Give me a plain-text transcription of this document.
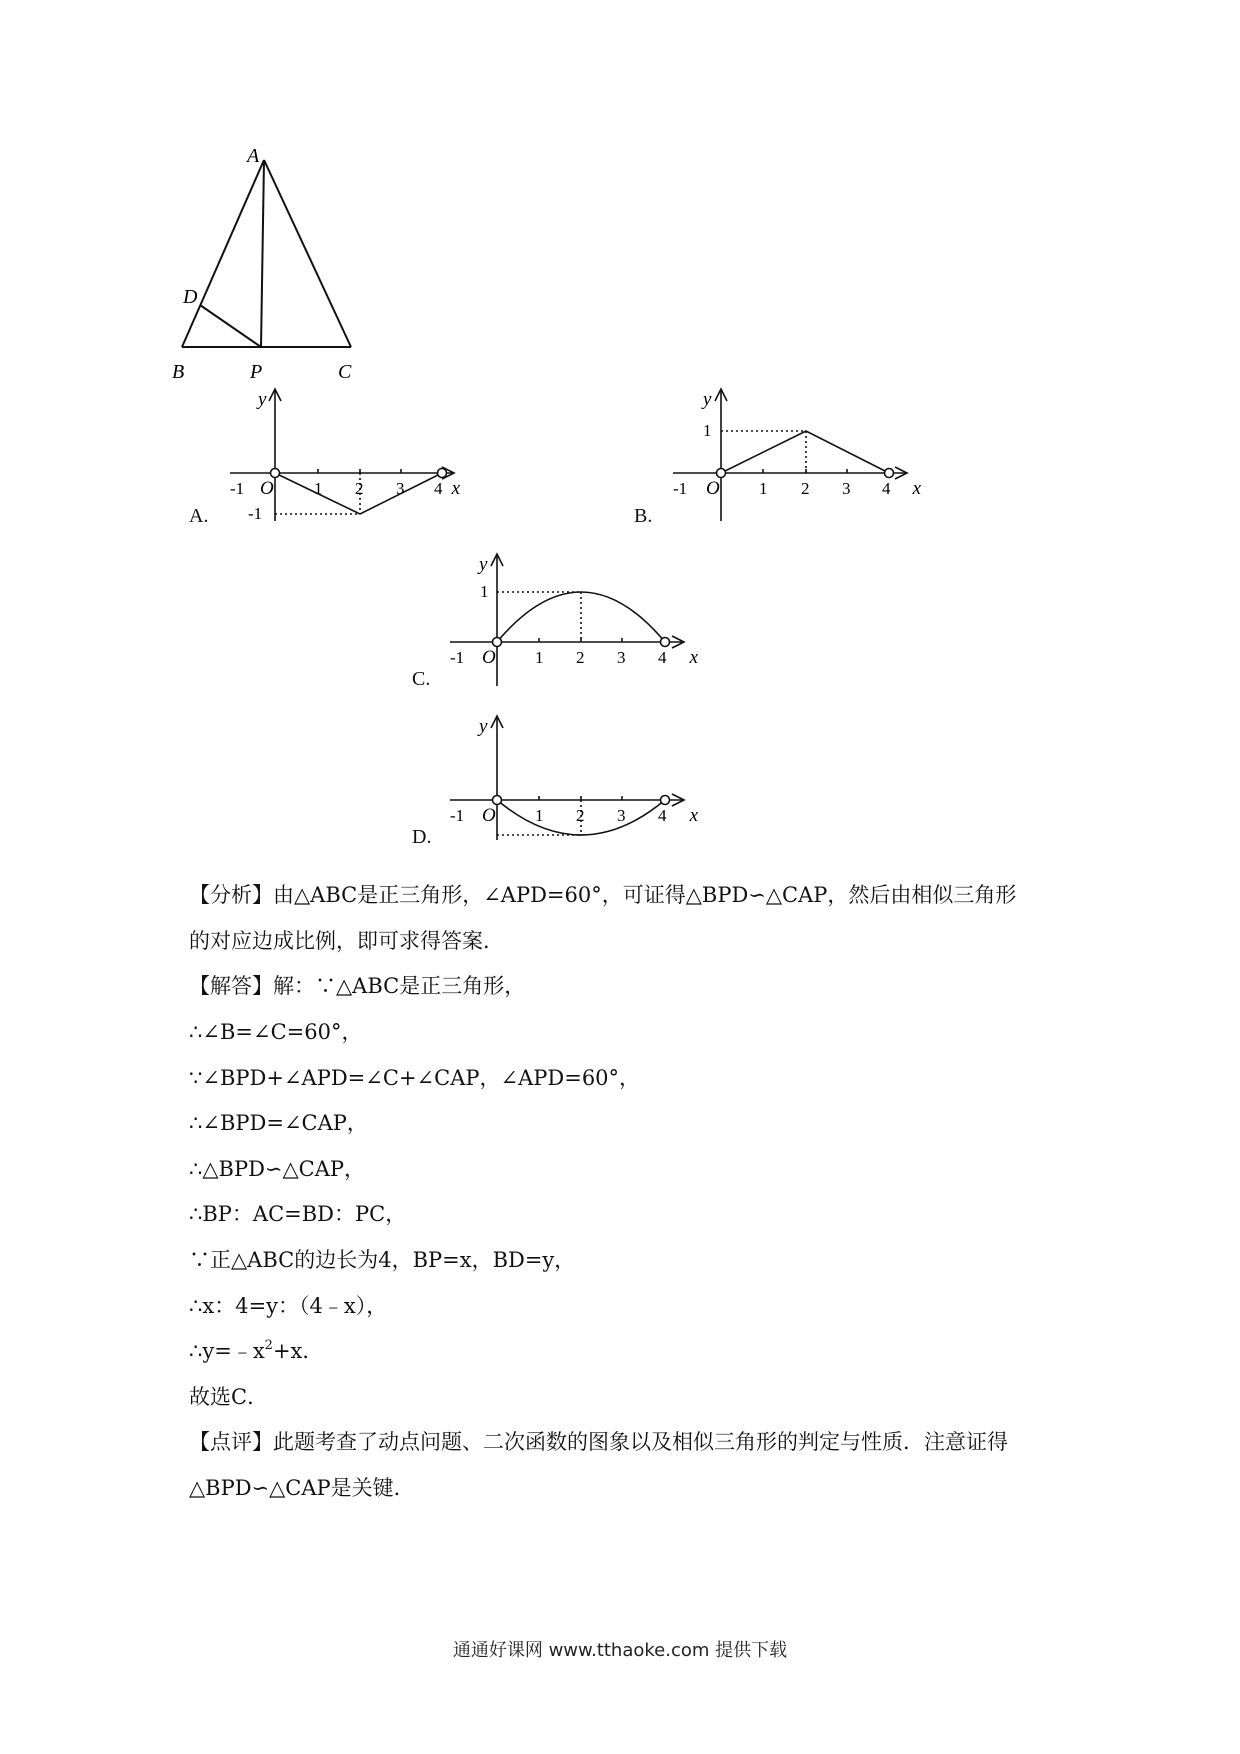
A
D
B	P	C
y
x
O
-1	1 2 3 4
-1
A.
y
x
O
-1	1 2 3 4
1
B.
y
x
O
-1	1 2 3 4
1
C.
y
x
O
-1	1 2 3 4
D.
【分析】由△ABC是正三角形，∠APD=60°，可证得△BPD∽△CAP，然后由相似三角形
的对应边成比例，即可求得答案．
【解答】解：∵△ABC是正三角形，
∴∠B=∠C=60°，
∵∠BPD+∠APD=∠C+∠CAP，∠APD=60°，
∴∠BPD=∠CAP，
∴△BPD∽△CAP，
∴BP：AC=BD：PC，
∵正△ABC的边长为4，BP=x，BD=y，
∴x：4=y：（4﹣x），
$\therefore y=﹣x^2+x$．
故选C．
【点评】此题考查了动点问题、二次函数的图象以及相似三角形的判定与性质．注意证得
△BPD∽△CAP是关键．
通通好课网 www.tthaoke.com 提供下载
